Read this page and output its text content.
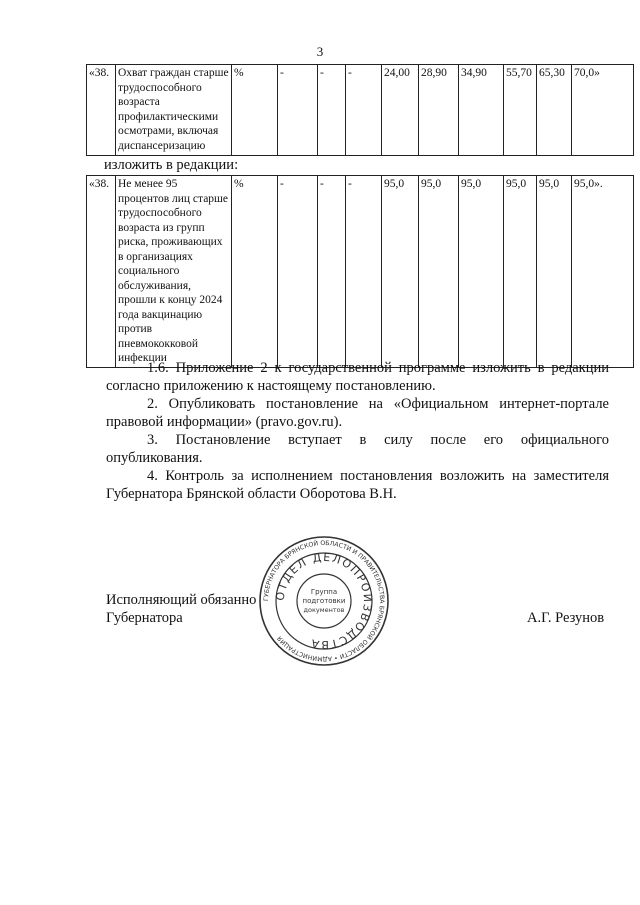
3
«38.	Охват граждан старше трудоспособного возраста профилактическими осмотрами, включая диспансеризацию	%	-	-	-	24,00	28,90	34,90	55,70	65,30	70,0»
изложить в редакции:
«38.	Не менее 95 процентов лиц старше трудоспособного возраста из групп риска, проживающих в организациях социального обслуживания, прошли к концу 2024 года вакцинацию против пневмококковой инфекции	%	-	-	-	95,0	95,0	95,0	95,0	95,0	95,0».
1.6. Приложение 2 к государственной программе изложить в редакции согласно приложению к настоящему постановлению.
2. Опубликовать постановление на «Официальном интернет-портале правовой информации» (pravo.gov.ru).
3. Постановление вступает в силу после его официального опубликования.
4. Контроль за исполнением постановления возложить на заместителя Губернатора Брянской области Оборотова В.Н.
Исполняющий обязанно
Губернатора	А.Г. Резунов
ГУБЕРНАТОРА БРЯНСКОЙ ОБЛАСТИ И ПРАВИТЕЛЬСТВА БРЯНСКОЙ ОБЛАСТИ • АДМИНИСТРАЦИЯ
ОТДЕЛ ДЕЛОПРОИЗВОДСТВА
Группа
подготовки
документов
